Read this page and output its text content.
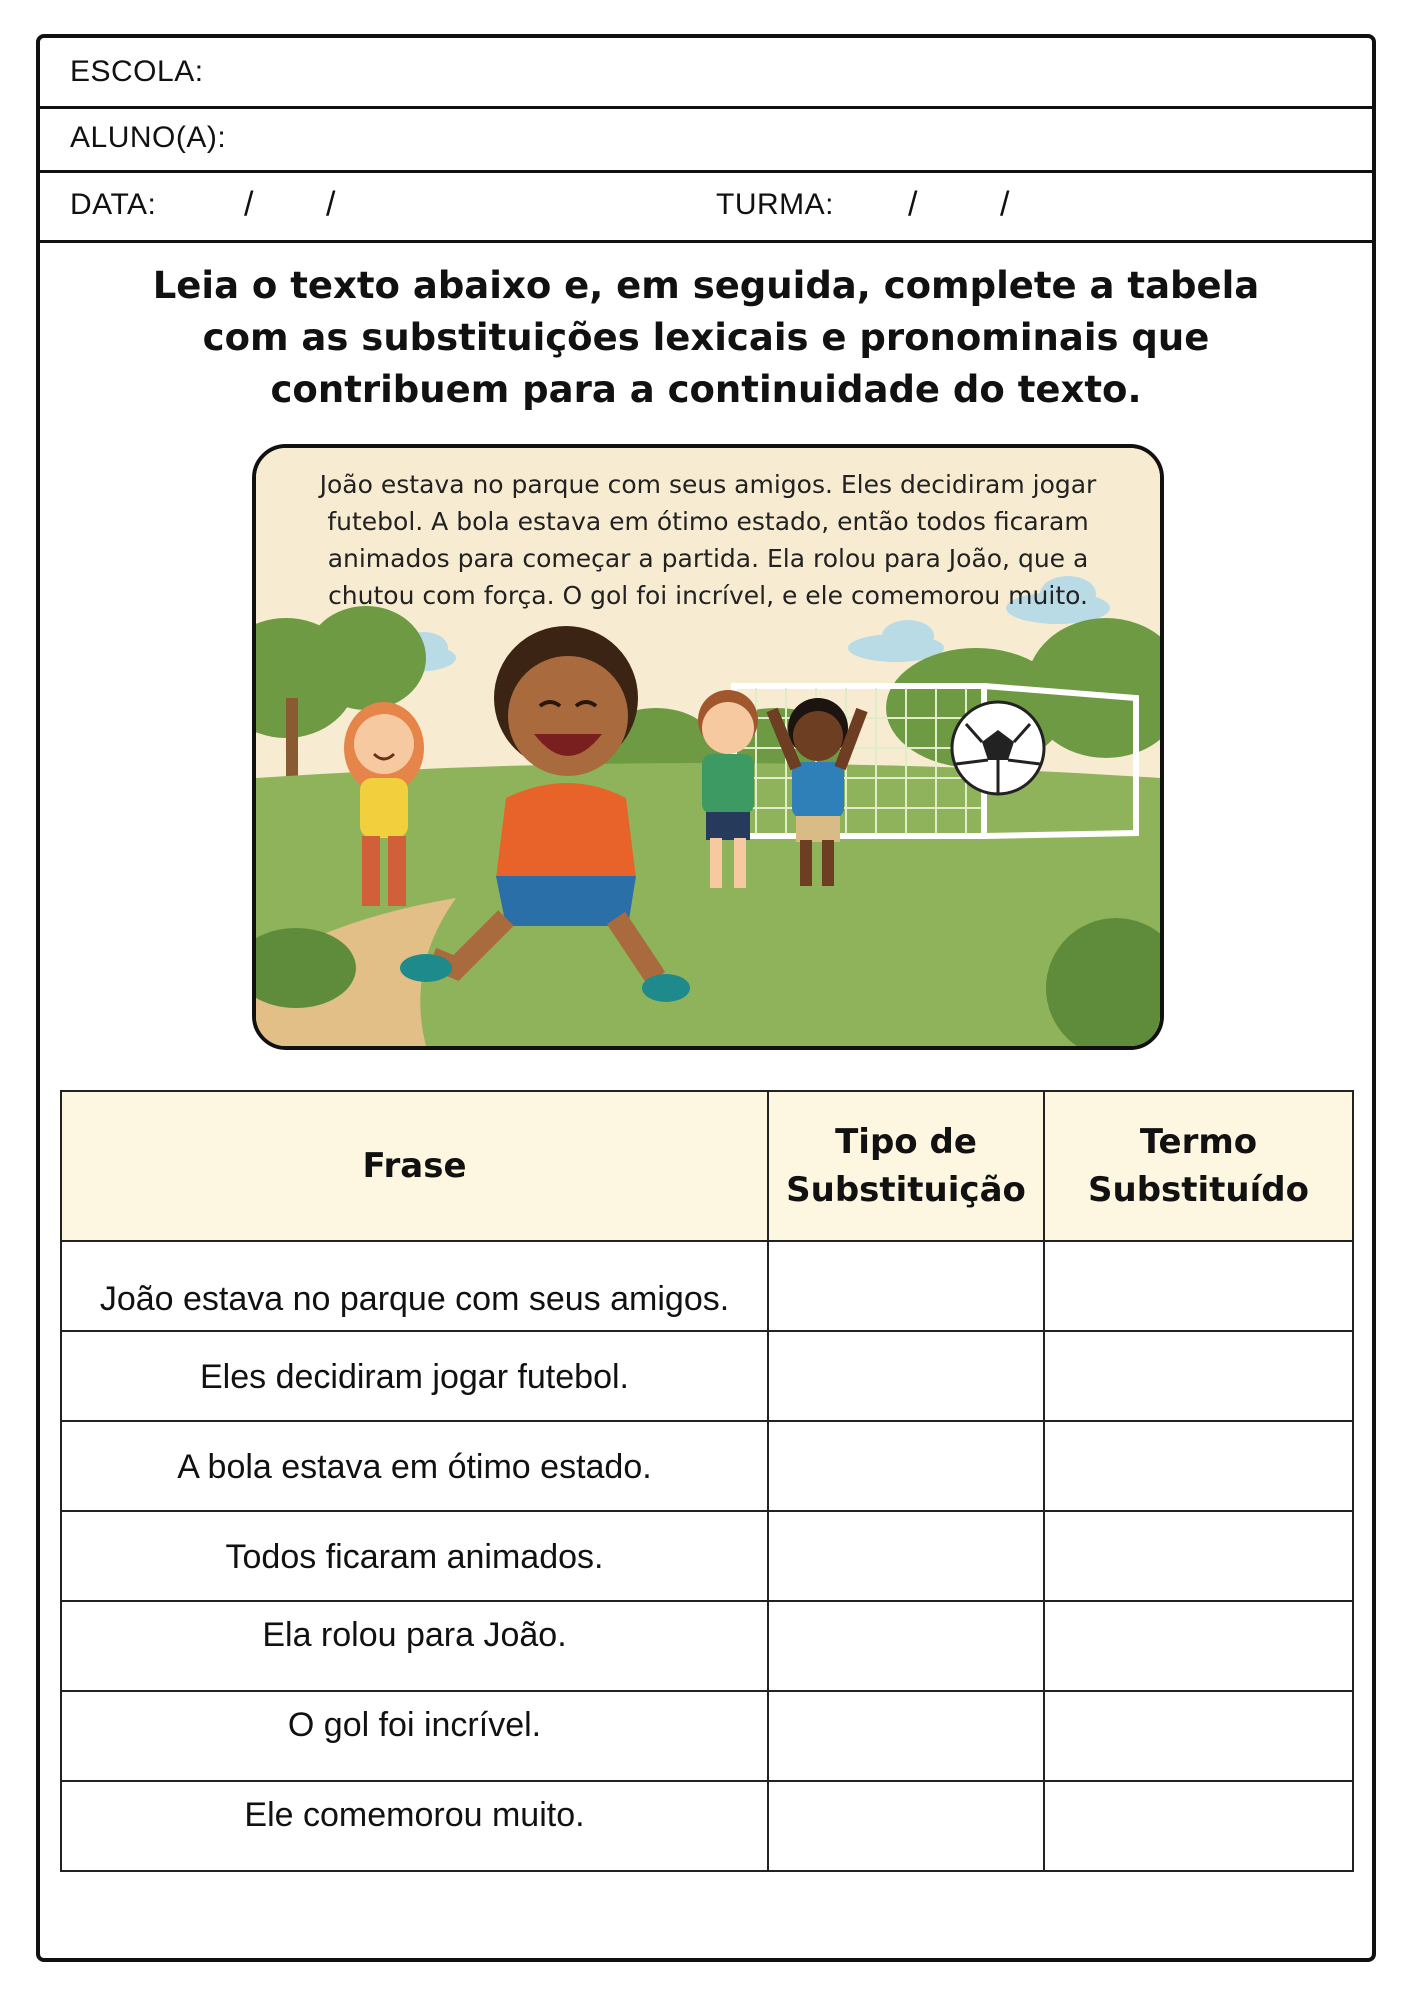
ESCOLA:
ALUNO(A):
DATA:	/ /	TURMA: / /
Leia o texto abaixo e, em seguida, complete a tabela com as substituições lexicais e pronominais que contribuem para a continuidade do texto.
João estava no parque com seus amigos. Eles decidiram jogar futebol. A bola estava em ótimo estado, então todos ficaram animados para começar a partida. Ela rolou para João, que a chutou com força. O gol foi incrível, e ele comemorou muito.
Frase	Tipo de Substituição	Termo Substituído
João estava no parque com seus amigos.		
Eles decidiram jogar futebol.		
A bola estava em ótimo estado.		
Todos ficaram animados.		
Ela rolou para João.		
O gol foi incrível.		
Ele comemorou muito.		
